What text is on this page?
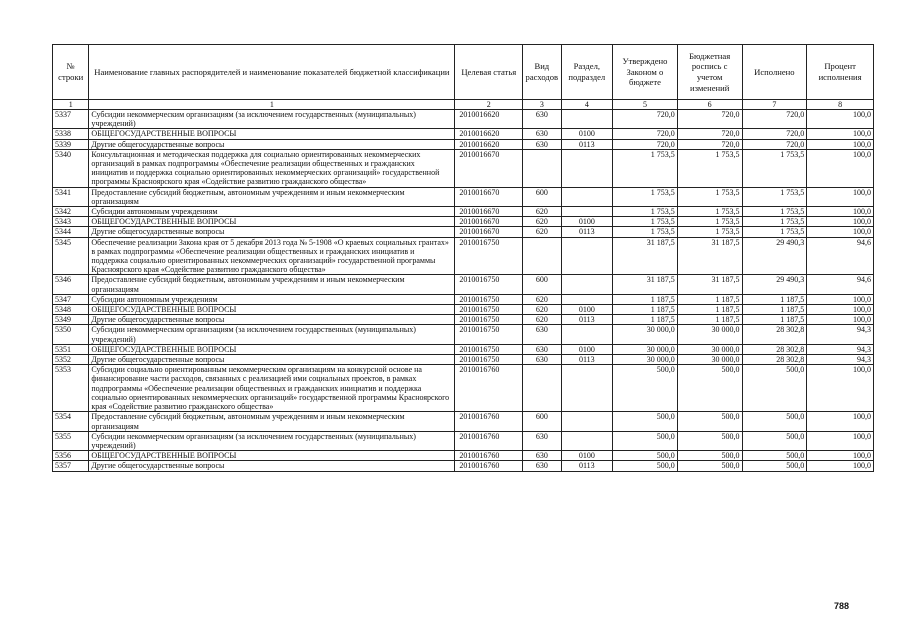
№ строки	Наименование главных распорядителей и наименование показателей бюджетной классификации	Целевая статья	Вид расходов	Раздел, подраздел	Утверждено Законом о бюджете	Бюджетная роспись с учетом изменений	Исполнено	Процент исполнения
1	1	2	3	4	5	6	7	8
5337	Субсидии некоммерческим организациям (за исключением государственных (муниципальных) учреждений)	2010016620	630		720,0	720,0	720,0	100,0
5338	ОБЩЕГОСУДАРСТВЕННЫЕ ВОПРОСЫ	2010016620	630	0100	720,0	720,0	720,0	100,0
5339	Другие общегосударственные вопросы	2010016620	630	0113	720,0	720,0	720,0	100,0
5340	Консультационная и методическая поддержка для социально ориентированных некоммерческих организаций в рамках подпрограммы «Обеспечение реализации общественных и гражданских инициатив и поддержка социально ориентированных некоммерческих организаций» государственной программы Красноярского края «Содействие развитию гражданского общества»	2010016670			1 753,5	1 753,5	1 753,5	100,0
5341	Предоставление субсидий бюджетным, автономным учреждениям и иным некоммерческим организациям	2010016670	600		1 753,5	1 753,5	1 753,5	100,0
5342	Субсидии автономным учреждениям	2010016670	620		1 753,5	1 753,5	1 753,5	100,0
5343	ОБЩЕГОСУДАРСТВЕННЫЕ ВОПРОСЫ	2010016670	620	0100	1 753,5	1 753,5	1 753,5	100,0
5344	Другие общегосударственные вопросы	2010016670	620	0113	1 753,5	1 753,5	1 753,5	100,0
5345	Обеспечение реализации Закона края от 5 декабря 2013 года № 5-1908 «О краевых социальных грантах» в рамках подпрограммы «Обеспечение реализации общественных и гражданских инициатив и поддержка социально ориентированных некоммерческих организаций» государственной программы Красноярского края «Содействие развитию гражданского общества»	2010016750			31 187,5	31 187,5	29 490,3	94,6
5346	Предоставление субсидий бюджетным, автономным учреждениям и иным некоммерческим организациям	2010016750	600		31 187,5	31 187,5	29 490,3	94,6
5347	Субсидии автономным учреждениям	2010016750	620		1 187,5	1 187,5	1 187,5	100,0
5348	ОБЩЕГОСУДАРСТВЕННЫЕ ВОПРОСЫ	2010016750	620	0100	1 187,5	1 187,5	1 187,5	100,0
5349	Другие общегосударственные вопросы	2010016750	620	0113	1 187,5	1 187,5	1 187,5	100,0
5350	Субсидии некоммерческим организациям (за исключением государственных (муниципальных) учреждений)	2010016750	630		30 000,0	30 000,0	28 302,8	94,3
5351	ОБЩЕГОСУДАРСТВЕННЫЕ ВОПРОСЫ	2010016750	630	0100	30 000,0	30 000,0	28 302,8	94,3
5352	Другие общегосударственные вопросы	2010016750	630	0113	30 000,0	30 000,0	28 302,8	94,3
5353	Субсидии социально ориентированным некоммерческим организациям на конкурсной основе на финансирование части расходов, связанных с реализацией ими социальных проектов, в рамках подпрограммы «Обеспечение реализации общественных и гражданских инициатив и поддержка социально ориентированных некоммерческих организаций» государственной программы Красноярского края «Содействие развитию гражданского общества»	2010016760			500,0	500,0	500,0	100,0
5354	Предоставление субсидий бюджетным, автономным учреждениям и иным некоммерческим организациям	2010016760	600		500,0	500,0	500,0	100,0
5355	Субсидии некоммерческим организациям (за исключением государственных (муниципальных) учреждений)	2010016760	630		500,0	500,0	500,0	100,0
5356	ОБЩЕГОСУДАРСТВЕННЫЕ ВОПРОСЫ	2010016760	630	0100	500,0	500,0	500,0	100,0
5357	Другие общегосударственные вопросы	2010016760	630	0113	500,0	500,0	500,0	100,0
788
